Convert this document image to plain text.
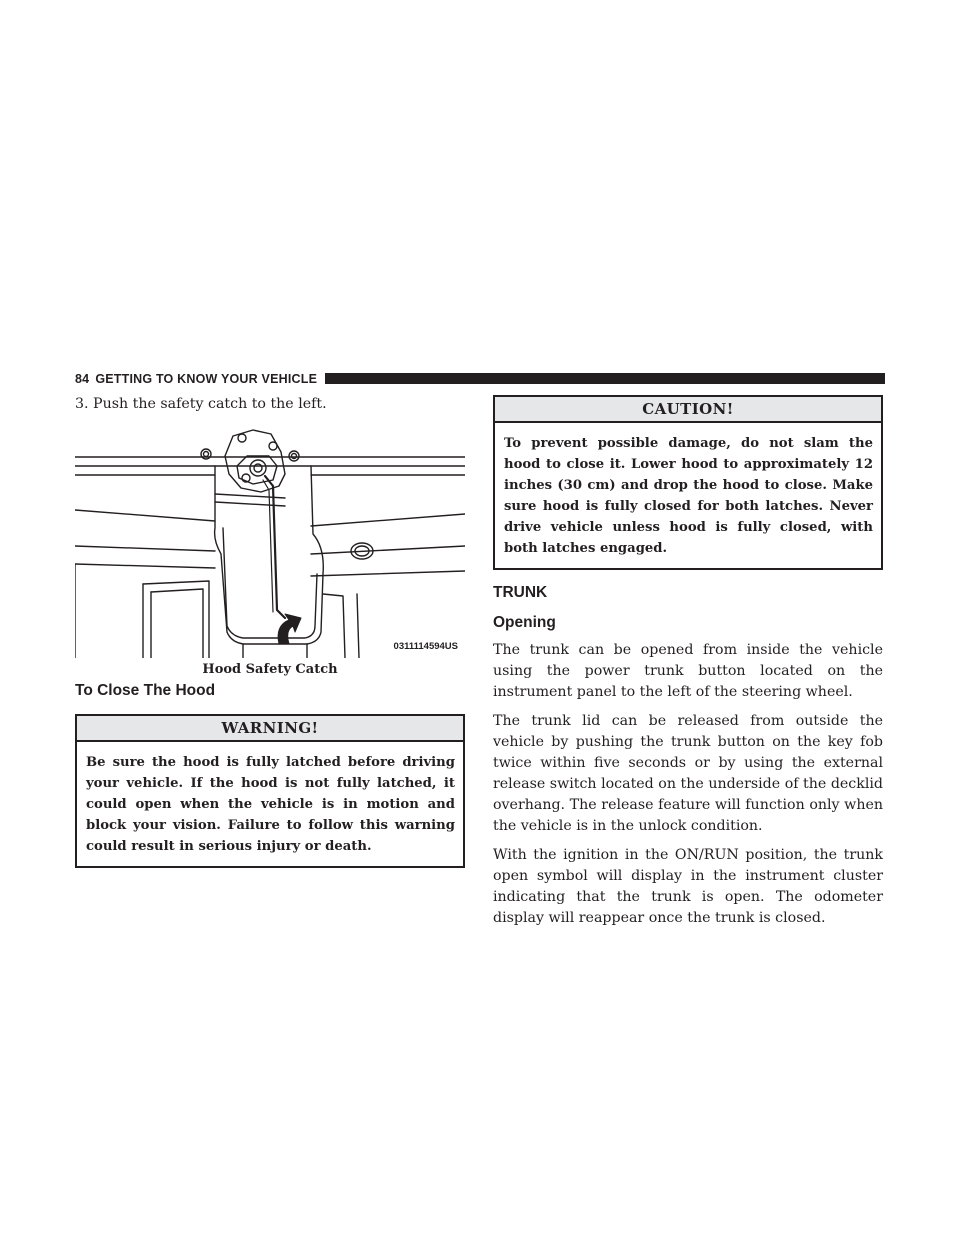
84 GETTING TO KNOW YOUR VEHICLE

3. Push the safety catch to the left.

0311114594US
Hood Safety Catch
To Close The Hood
WARNING!
Be sure the hood is fully latched before driving your vehicle. If the hood is not fully latched, it could open when the vehicle is in motion and block your vision. Failure to follow this warning could result in serious injury or death.
CAUTION!
To prevent possible damage, do not slam the hood to close it. Lower hood to approximately 12 inches (30 cm) and drop the hood to close. Make sure hood is fully closed for both latches. Never drive vehicle unless hood is fully closed, with both latches engaged.
TRUNK
Opening

The trunk can be opened from inside the vehicle using the power trunk button located on the instrument panel to the left of the steering wheel.

The trunk lid can be released from outside the vehicle by pushing the trunk button on the key fob twice within five seconds or by using the external release switch located on the underside of the decklid overhang. The release feature will function only when the vehicle is in the unlock condition.

With the ignition in the ON/RUN position, the trunk open symbol will display in the instrument cluster indicating that the trunk is open. The odometer display will reappear once the trunk is closed.
